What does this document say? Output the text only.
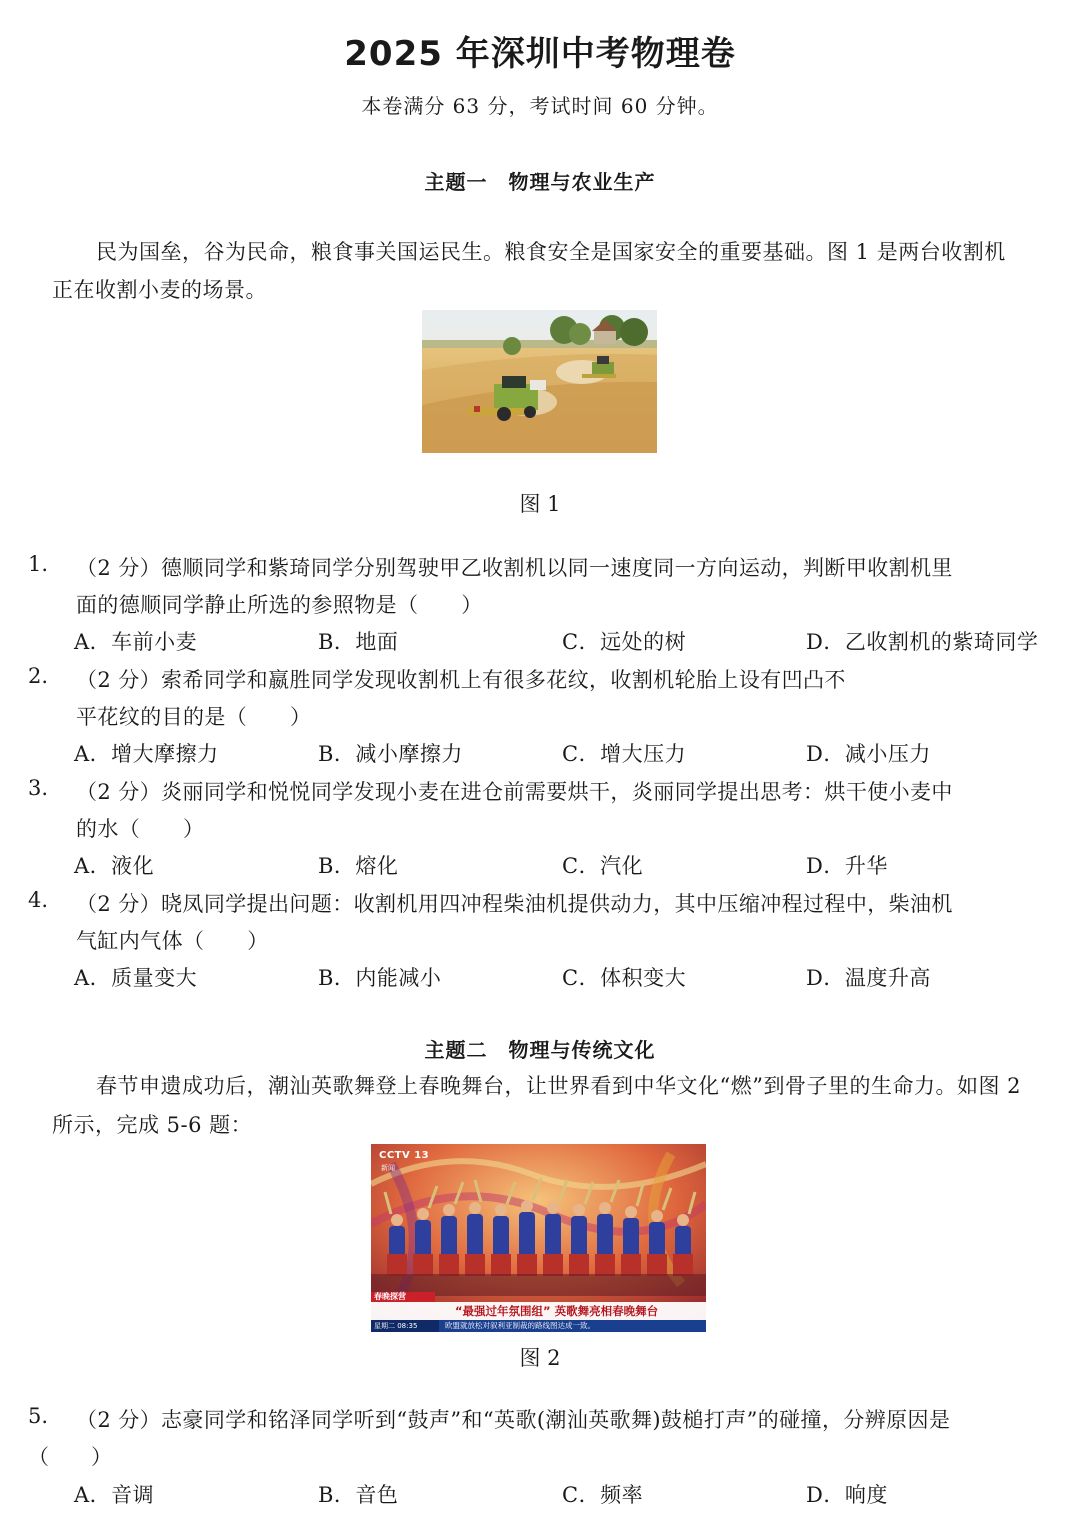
2025 年深圳中考物理卷
本卷满分 63 分，考试时间 60 分钟。
主题一　物理与农业生产
民为国垒，谷为民命，粮食事关国运民生。粮食安全是国家安全的重要基础。图 1 是两台收割机
正在收割小麦的场景。
图 1
1. （2 分）德顺同学和紫琦同学分别驾驶甲乙收割机以同一速度同一方向运动，判断甲收割机里
面的德顺同学静止所选的参照物是（　　）
A．车前小麦	B．地面	C．远处的树	D．乙收割机的紫琦同学
2. （2 分）索希同学和嬴胜同学发现收割机上有很多花纹，收割机轮胎上设有凹凸不
平花纹的目的是（　　）
A．增大摩擦力	B．减小摩擦力	C．增大压力	D．减小压力
3. （2 分）炎丽同学和悦悦同学发现小麦在进仓前需要烘干，炎丽同学提出思考：烘干使小麦中
的水（　　）
A．液化	B．熔化	C．汽化	D．升华
4. （2 分）晓凤同学提出问题：收割机用四冲程柴油机提供动力，其中压缩冲程过程中，柴油机
气缸内气体（　　）
A．质量变大	B．内能减小	C．体积变大	D．温度升高
主题二　物理与传统文化
春节申遗成功后，潮汕英歌舞登上春晚舞台，让世界看到中华文化“燃”到骨子里的生命力。如图 2
所示，完成 5-6 题：
CCTV 13
新闻
春晚探营
“最强过年氛围组” 英歌舞亮相春晚舞台
星期二 08:35	欧盟就放松对叙利亚制裁的路线图达成一致。
图 2
5. （2 分）志豪同学和铭泽同学听到“鼓声”和“英歌(潮汕英歌舞)鼓槌打声”的碰撞，分辨原因是
（　　）
A．音调	B．音色	C．频率	D．响度
